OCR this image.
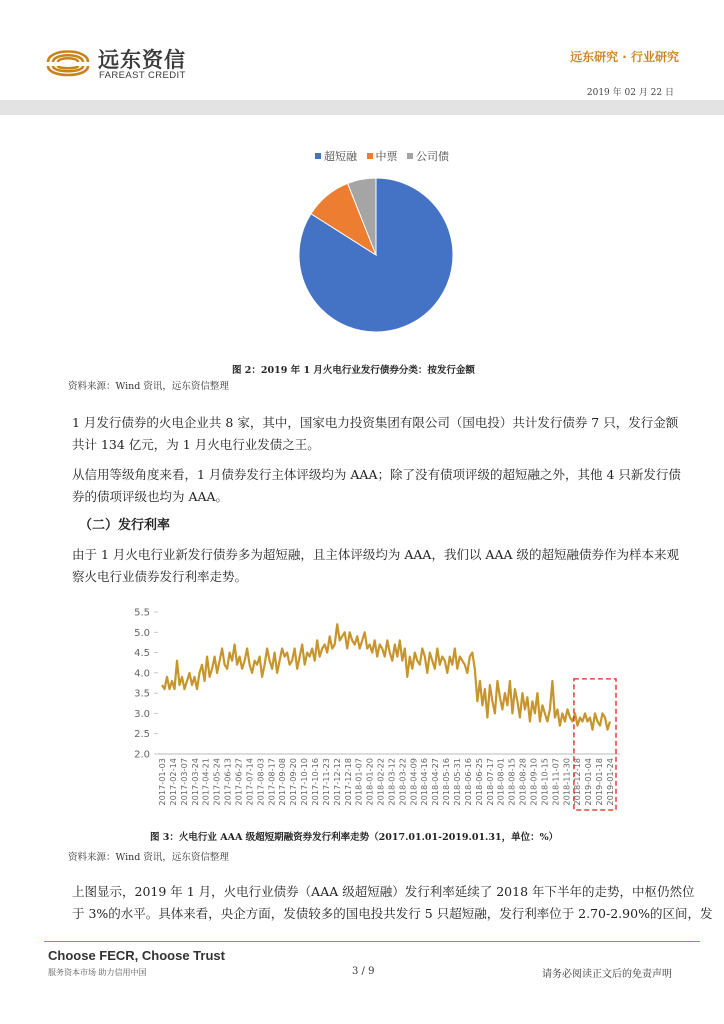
远东资信
FAREAST CREDIT
远东研究 · 行业研究
2019 年 02 月 22 日
超短融 中票 公司债
图 2：2019 年 1 月火电行业发行债券分类：按发行金额
资料来源：Wind 资讯，远东资信整理
1 月发行债券的火电企业共 8 家，其中，国家电力投资集团有限公司（国电投）共计发行债券 7 只，发行金额
共计 134 亿元，为 1 月火电行业发债之王。
从信用等级角度来看，1 月债券发行主体评级均为 AAA；除了没有债项评级的超短融之外，其他 4 只新发行债
券的债项评级也均为 AAA。
（二）发行利率
由于 1 月火电行业新发行债券多为超短融，且主体评级均为 AAA，我们以 AAA 级的超短融债券作为样本来观
察火电行业债券发行利率走势。
2.0
2.5
3.0
3.5
4.0
4.5
5.0
5.5
2017-01-03 2017-02-14 2017-03-07 2017-03-24 2017-04-21 2017-05-24 2017-06-13 2017-06-27 2017-07-14 2017-08-03 2017-08-17 2017-09-08 2017-09-20 2017-10-10 2017-10-16 2017-11-23 2017-12-12 2017-12-18 2018-01-07 2018-01-20 2018-02-22 2018-03-12 2018-03-22 2018-04-09 2018-04-16 2018-04-27 2018-05-16 2018-05-31 2018-06-16 2018-06-25 2018-07-17 2018-08-01 2018-08-15 2018-08-28 2018-09-10 2018-10-15 2018-11-07 2018-11-30 2018-12-18 2019-01-04 2019-01-18 2019-01-24
图 3：火电行业 AAA 级超短期融资券发行利率走势（2017.01.01-2019.01.31，单位：%）
资料来源：Wind 资讯，远东资信整理
上图显示，2019 年 1 月，火电行业债券（AAA 级超短融）发行利率延续了 2018 年下半年的走势，中枢仍然位
于 3%的水平。具体来看，央企方面，发债较多的国电投共发行 5 只超短融，发行利率位于 2.70-2.90%的区间，发
Choose FECR, Choose Trust
服务资本市场 助力信用中国	3 / 9	请务必阅读正文后的免责声明
